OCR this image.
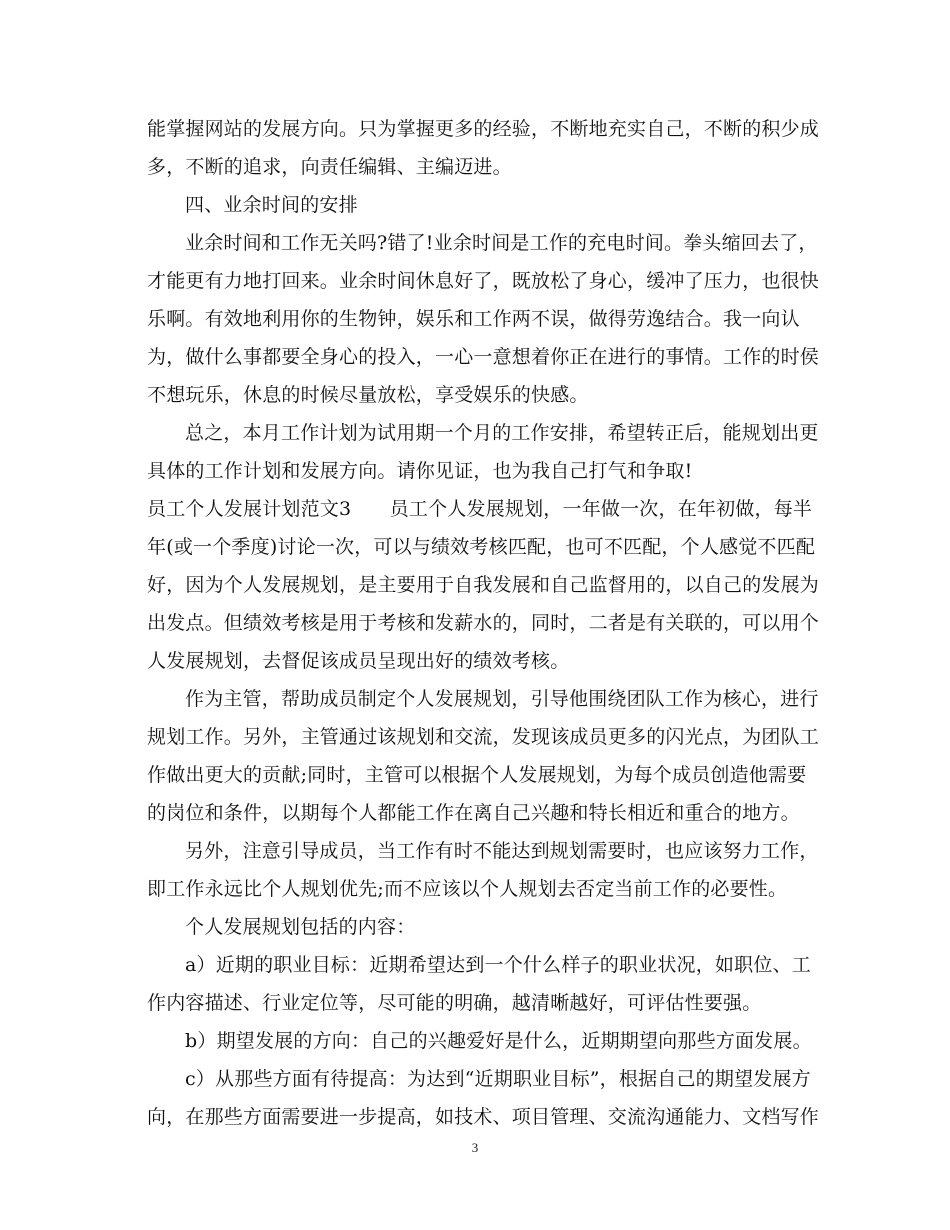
能掌握网站的发展方向。只为掌握更多的经验，不断地充实自己，不断的积少成
多，不断的追求，向责任编辑、主编迈进。
四、业余时间的安排
业余时间和工作无关吗?错了!业余时间是工作的充电时间。拳头缩回去了，
才能更有力地打回来。业余时间休息好了，既放松了身心，缓冲了压力，也很快
乐啊。有效地利用你的生物钟，娱乐和工作两不误，做得劳逸结合。我一向认
为，做什么事都要全身心的投入，一心一意想着你正在进行的事情。工作的时侯
不想玩乐，休息的时候尽量放松，享受娱乐的快感。
总之，本月工作计划为试用期一个月的工作安排，希望转正后，能规划出更
具体的工作计划和发展方向。请你见证，也为我自己打气和争取!
员工个人发展计划范文3　　员工个人发展规划，一年做一次，在年初做，每半
年(或一个季度)讨论一次，可以与绩效考核匹配，也可不匹配，个人感觉不匹配
好，因为个人发展规划，是主要用于自我发展和自己监督用的，以自己的发展为
出发点。但绩效考核是用于考核和发薪水的，同时，二者是有关联的，可以用个
人发展规划，去督促该成员呈现出好的绩效考核。
作为主管，帮助成员制定个人发展规划，引导他围绕团队工作为核心，进行
规划工作。另外，主管通过该规划和交流，发现该成员更多的闪光点，为团队工
作做出更大的贡献;同时，主管可以根据个人发展规划，为每个成员创造他需要
的岗位和条件，以期每个人都能工作在离自己兴趣和特长相近和重合的地方。
另外，注意引导成员，当工作有时不能达到规划需要时，也应该努力工作，
即工作永远比个人规划优先;而不应该以个人规划去否定当前工作的必要性。
个人发展规划包括的内容：
a）近期的职业目标：近期希望达到一个什么样子的职业状况，如职位、工
作内容描述、行业定位等，尽可能的明确，越清晰越好，可评估性要强。
b）期望发展的方向：自己的兴趣爱好是什么，近期期望向那些方面发展。
c）从那些方面有待提高：为达到“近期职业目标”，根据自己的期望发展方
向，在那些方面需要进一步提高，如技术、项目管理、交流沟通能力、文档写作
3
